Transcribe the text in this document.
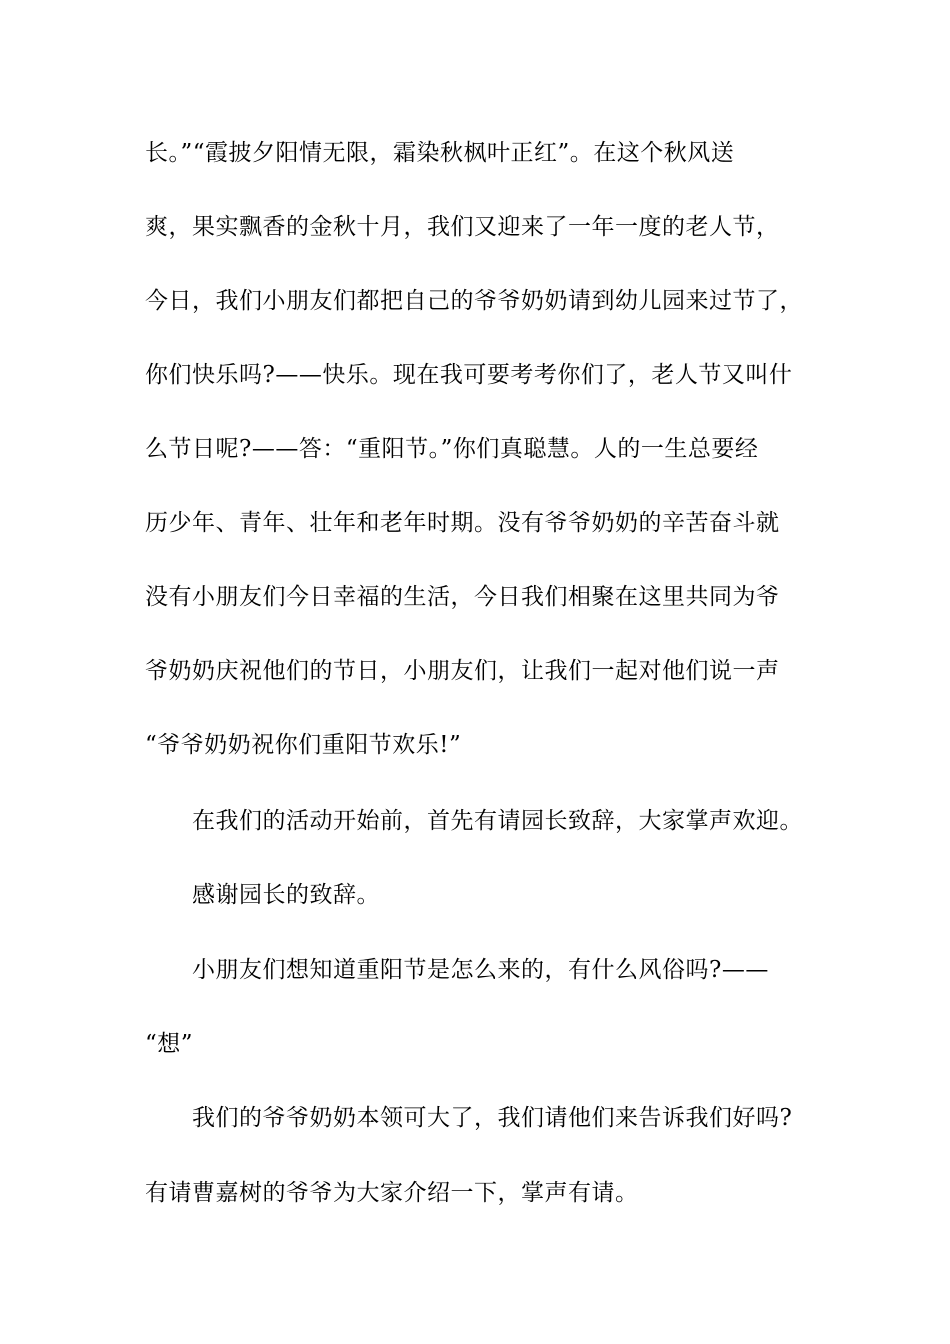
长。”“霞披夕阳情无限，霜染秋枫叶正红”。在这个秋风送
爽，果实飘香的金秋十月，我们又迎来了一年一度的老人节，
今日，我们小朋友们都把自己的爷爷奶奶请到幼儿园来过节了，
你们快乐吗?——快乐。现在我可要考考你们了，老人节又叫什
么节日呢?——答：“重阳节。”你们真聪慧。人的一生总要经
历少年、青年、壮年和老年时期。没有爷爷奶奶的辛苦奋斗就
没有小朋友们今日幸福的生活，今日我们相聚在这里共同为爷
爷奶奶庆祝他们的节日，小朋友们，让我们一起对他们说一声
“爷爷奶奶祝你们重阳节欢乐!”
在我们的活动开始前，首先有请园长致辞，大家掌声欢迎。
感谢园长的致辞。
小朋友们想知道重阳节是怎么来的，有什么风俗吗?——
“想”
我们的爷爷奶奶本领可大了，我们请他们来告诉我们好吗?
有请曹嘉树的爷爷为大家介绍一下，掌声有请。
